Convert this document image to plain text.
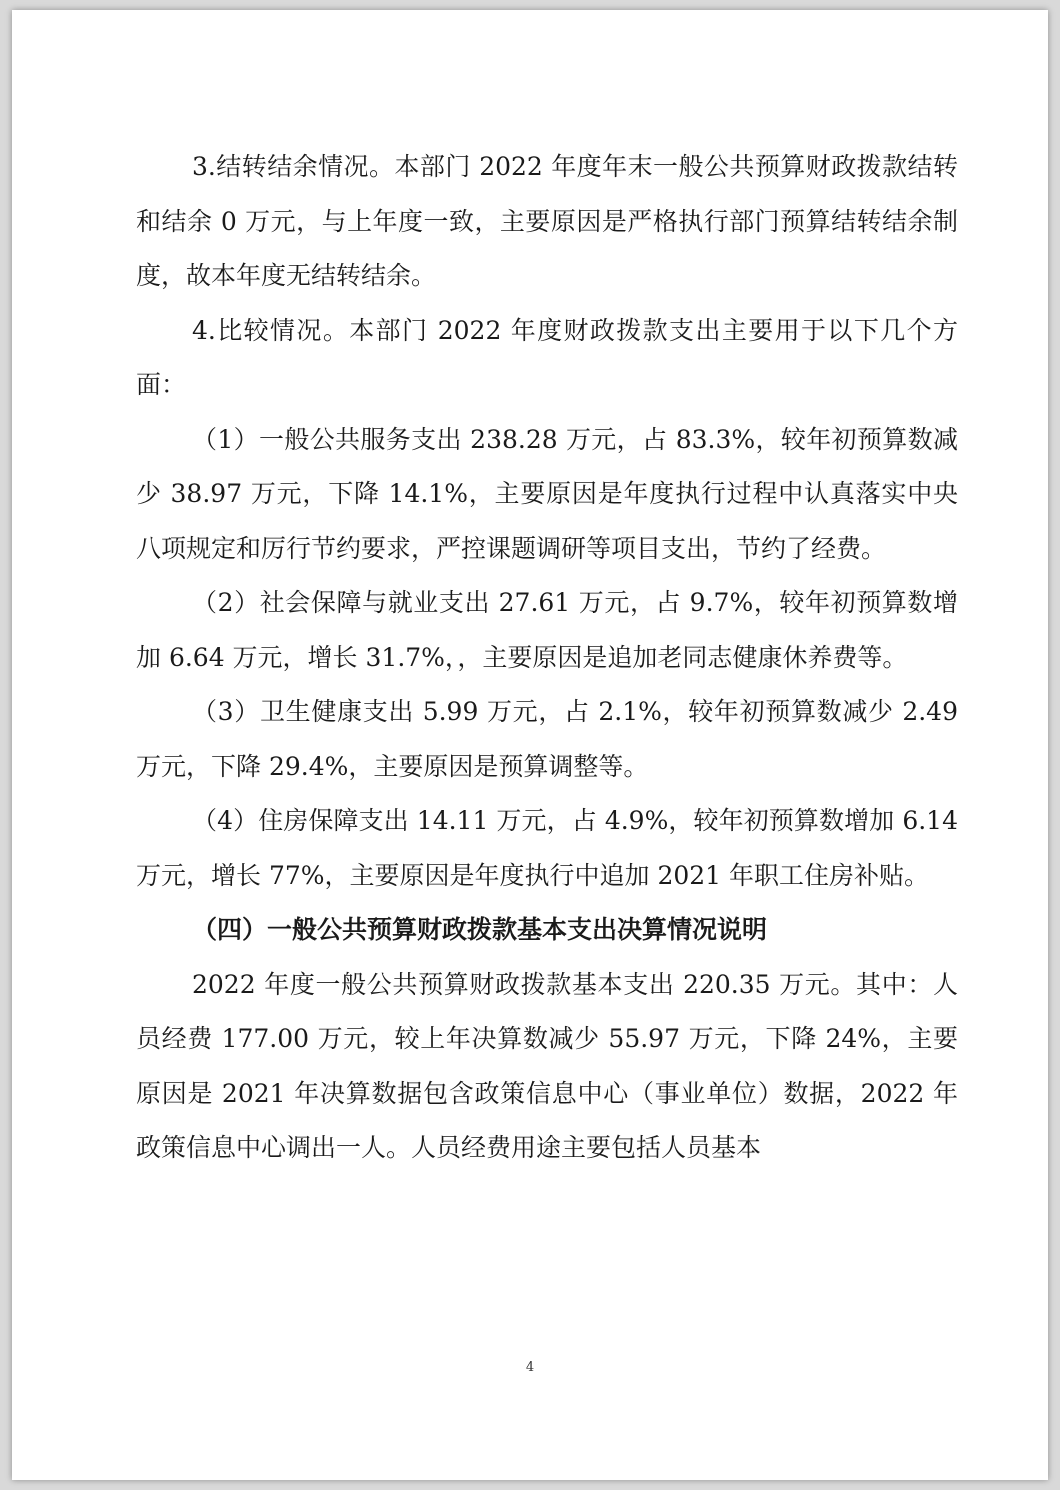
3.结转结余情况。本部门 2022 年度年末一般公共预算财政拨款结转和结余 0 万元，与上年度一致，主要原因是严格执行部门预算结转结余制度，故本年度无结转结余。

4.比较情况。本部门 2022 年度财政拨款支出主要用于以下几个方面：

（1）一般公共服务支出 238.28 万元，占 83.3%，较年初预算数减少 38.97 万元，下降 14.1%，主要原因是年度执行过程中认真落实中央八项规定和厉行节约要求，严控课题调研等项目支出，节约了经费。

（2）社会保障与就业支出 27.61 万元，占 9.7%，较年初预算数增加 6.64 万元，增长 31.7%，，主要原因是追加老同志健康休养费等。

（3）卫生健康支出 5.99 万元，占 2.1%，较年初预算数减少 2.49 万元，下降 29.4%，主要原因是预算调整等。

（4）住房保障支出 14.11 万元，占 4.9%，较年初预算数增加 6.14 万元，增长 77%，主要原因是年度执行中追加 2021 年职工住房补贴。

（四）一般公共预算财政拨款基本支出决算情况说明

2022 年度一般公共预算财政拨款基本支出 220.35 万元。其中：人员经费 177.00 万元，较上年决算数减少 55.97 万元，下降 24%，主要原因是 2021 年决算数据包含政策信息中心（事业单位）数据，2022 年政策信息中心调出一人。人员经费用途主要包括人员基本

4
